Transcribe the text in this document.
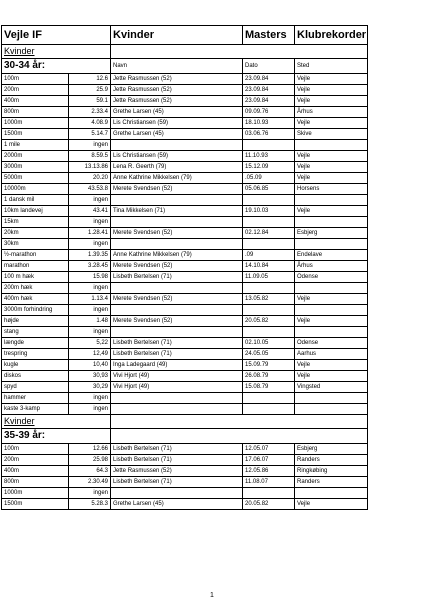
Vejle IF		Kvinder	Masters	Klubrekorder
Kvinder				
30-34 år:		Navn	Dato	Sted
100m	12.6	Jette Rasmussen (52)	23.09.84	Vejle
200m	25.9	Jette Rasmussen (52)	23.09.84	Vejle
400m	59.1	Jette Rasmussen (52)	23.09.84	Vejle
800m	2.33.4	Grethe Larsen (45)	09.09.76	Århus
1000m	4.08.9	Lis Christiansen (59)	18.10.93	Vejle
1500m	5.14.7	Grethe Larsen (45)	03.06.76	Skive
1 mile	ingen			
2000m	8.59.5	Lis Christiansen (59)	11.10.93	Vejle
3000m	13.13.86	Lena R. Geerth (79)	15.12.09	Vejle
5000m	20.20	Anne Kathrine Mikkelsen (79)	.05.09	Vejle
10000m	43.53.8	Merete Svendsen (52)	05.06.85	Horsens
1 dansk mil	ingen			
10km landevej	43.41	Tina Mikkelsen (71)	19.10.03	Vejle
15km	ingen			
20km	1.28.41	Merete Svendsen (52)	02.12.84	Esbjerg
30km	ingen			
½-marathon	1.39.35	Anne Kathrine Mikkelsen (79)	.09	Endelave
marathon	3.28.45	Merete Svendsen (52)	14.10.84	Århus
100 m hæk	15.98	Lisbeth Bertelsen (71)	11.09.05	Odense
200m hæk	ingen			
400m hæk	1.13.4	Merete Svendsen (52)	13.05.82	Vejle
3000m forhindring	ingen			
højde	1.48	Merete Svendsen (52)	20.05.82	Vejle
stang	ingen			
længde	5,22	Lisbeth Bertelsen (71)	02.10.05	Odense
trespring	12,49	Lisbeth Bertelsen (71)	24.05.05	Aarhus
kugle	10,40	Inga Ladegaard (49)	15.09.79	Vejle
diskos	30,93	Vivi Hjort (49)	26.08.79	Vejle
spyd	30,29	Vivi Hjort (49)	15.08.79	Vingsted
hammer	ingen			
kaste 3-kamp	ingen			
Kvinder				
35-39 år:				
100m	12.66	Lisbeth Bertelsen (71)	12.05.07	Esbjerg
200m	25.98	Lisbeth Bertelsen (71)	17.06.07	Randers
400m	64.3	Jette Rasmussen (52)	12.05.86	Ringkøbing
800m	2.30.49	Lisbeth Bertelsen (71)	11.08.07	Randers
1000m	ingen			
1500m	5.28.3	Grethe Larsen (45)	20.05.82	Vejle
1
